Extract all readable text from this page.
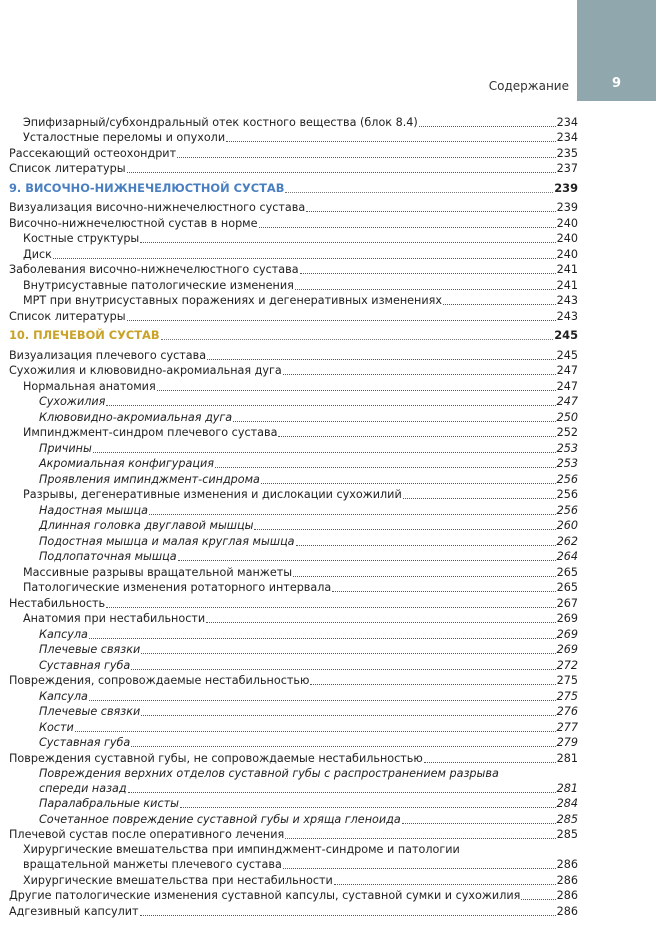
9
Содержание
Эпифизарный/субхондральный отек костного вещества (блок 8.4)	234
Усталостные переломы и опухоли	234
Рассекающий остеохондрит	235
Список литературы	237
9. ВИСОЧНО-НИЖНЕЧЕЛЮСТНОЙ СУСТАВ	239
Визуализация височно-нижнечелюстного сустава	239
Височно-нижнечелюстной сустав в норме	240
Костные структуры	240
Диск	240
Заболевания височно-нижнечелюстного сустава	241
Внутрисуставные патологические изменения	241
МРТ при внутрисуставных поражениях и дегенеративных изменениях	243
Список литературы	243
10. ПЛЕЧЕВОЙ СУСТАВ	245
Визуализация плечевого сустава	245
Сухожилия и клювовидно-акромиальная дуга	247
Нормальная анатомия	247
Сухожилия	247
Клювовидно-акромиальная дуга	250
Импинджмент-синдром плечевого сустава	252
Причины	253
Акромиальная конфигурация	253
Проявления импинджмент-синдрома	256
Разрывы, дегенеративные изменения и дислокации сухожилий	256
Надостная мышца	256
Длинная головка двуглавой мышцы	260
Подостная мышца и малая круглая мышца	262
Подлопаточная мышца	264
Массивные разрывы вращательной манжеты	265
Патологические изменения ротаторного интервала	265
Нестабильность	267
Анатомия при нестабильности	269
Капсула	269
Плечевые связки	269
Суставная губа	272
Повреждения, сопровождаемые нестабильностью	275
Капсула	275
Плечевые связки	276
Кости	277
Суставная губа	279
Повреждения суставной губы, не сопровождаемые нестабильностью	281
Повреждения верхних отделов суставной губы с распространением разрыва
спереди назад	281
Паралабральные кисты	284
Сочетанное повреждение суставной губы и хряща гленоида	285
Плечевой сустав после оперативного лечения	285
Хирургические вмешательства при импинджмент-синдроме и патологии
вращательной манжеты плечевого сустава	286
Хирургические вмешательства при нестабильности	286
Другие патологические изменения суставной капсулы, суставной сумки и сухожилия	286
Адгезивный капсулит	286
